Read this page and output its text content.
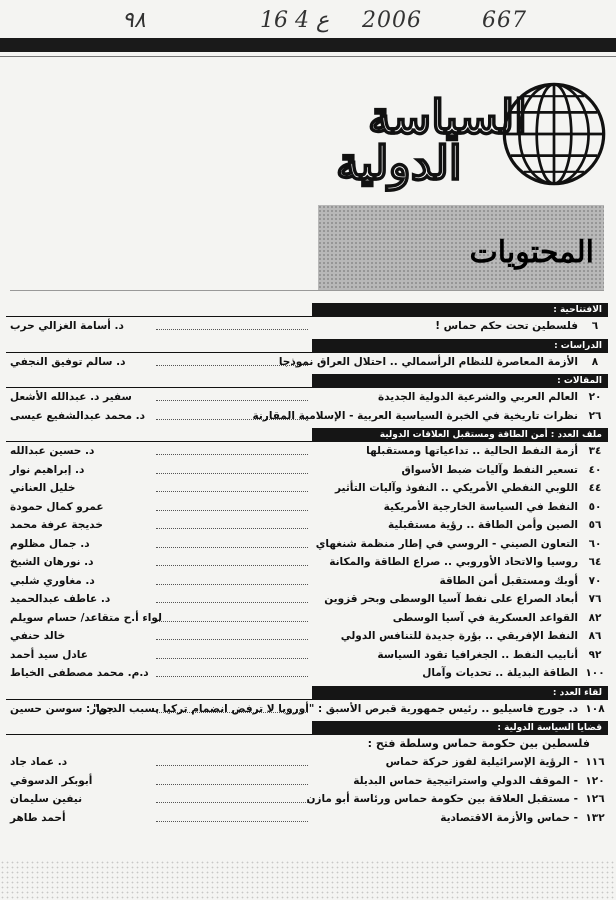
٩٨	16 4 ع 2006	667
السياسة
الدولية
المحتويات
الافتتاحية :
٦
فلسطين تحت حكم حماس !
د. أسامة الغزالي حرب
الدراسات :
٨
الأزمة المعاصرة للنظام الرأسمالي .. احتلال العراق نموذجا
د. سالم توفيق النجفي
المقالات :
٢٠
العالم العربي والشرعية الدولية الجديدة
سفير د. عبدالله الأشعل
٢٦
نظرات تاريخية في الخبرة السياسية العربية - الإسلامية المقارنة
د. محمد عبدالشفيع عيسى
ملف العدد : أمن الطاقة ومستقبل العلاقات الدولية
٣٤
أزمة النفط الحالية .. تداعياتها ومستقبلها
د. حسين عبدالله
٤٠
تسعير النفط وآليات ضبط الأسواق
د. إبراهيم نوار
٤٤
اللوبي النفطي الأمريكي .. النفوذ وآليات التأثير
خليل العناني
٥٠
النفط في السياسة الخارجية الأمريكية
عمرو كمال حمودة
٥٦
الصين وأمن الطاقة .. رؤية مستقبلية
خديجة عرفة محمد
٦٠
التعاون الصيني - الروسي في إطار منظمة شنغهاي
د. جمال مظلوم
٦٤
روسيا والاتحاد الأوروبي .. صراع الطاقة والمكانة
د. نورهان الشيخ
٧٠
أوبك ومستقبل أمن الطاقة
د. مغاوري شلبي
٧٦
أبعاد الصراع على نفط آسيا الوسطى وبحر قزوين
د. عاطف عبدالحميد
٨٢
القواعد العسكرية في آسيا الوسطى
لواء أ.ح متقاعد/ حسام سويلم
٨٦
النفط الإفريقي .. بؤرة جديدة للتنافس الدولي
خالد حنفي
٩٢
أنابيب النفط .. الجغرافيا تقود السياسة
عادل سيد أحمد
١٠٠
الطاقة البديلة .. تحديات وآمال
د.م. محمد مصطفى الخياط
لقاء العدد :
١٠٨
د. جورج فاسيليو .. رئيس جمهورية قبرص الأسبق : "أوروبا لا ترفض انضمام تركيا بسبب الدين"
حوار: سوسن حسين
قضايا السياسة الدولية :
فلسطين بين حكومة حماس وسلطة فتح :
١١٦
- الرؤية الإسرائيلية لفوز حركة حماس
د. عماد جاد
١٢٠
- الموقف الدولي واستراتيجية حماس البديلة
أبوبكر الدسوقي
١٢٦
- مستقبل العلاقة بين حكومة حماس ورئاسة أبو مازن
نيفين سليمان
١٣٢
- حماس والأزمة الاقتصادية
أحمد طاهر
